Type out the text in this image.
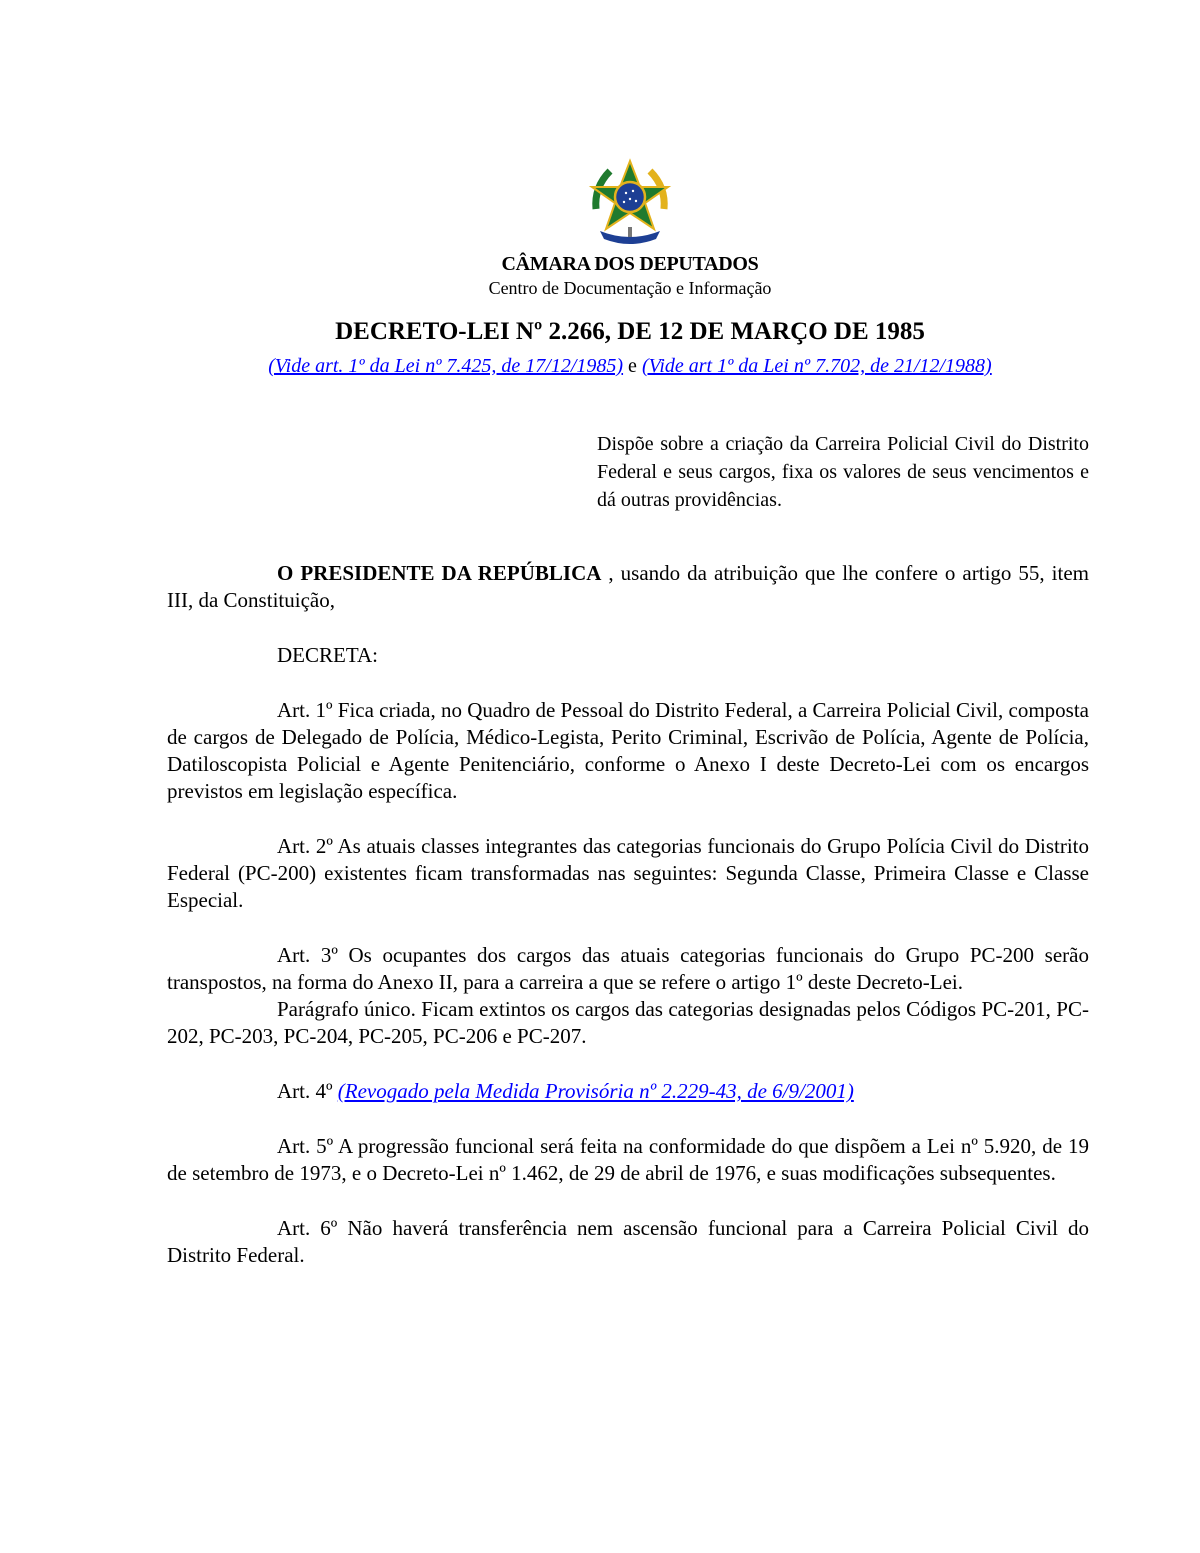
CÂMARA DOS DEPUTADOS
Centro de Documentação e Informação
DECRETO-LEI Nº 2.266, DE 12 DE MARÇO DE 1985
(Vide art. 1º da Lei nº 7.425, de 17/12/1985) e (Vide art 1º da Lei nº 7.702, de 21/12/1988)
Dispõe sobre a criação da Carreira Policial Civil do Distrito Federal e seus cargos, fixa os valores de seus vencimentos e dá outras providências.

O PRESIDENTE DA REPÚBLICA , usando da atribuição que lhe confere o artigo 55, item III, da Constituição,

DECRETA:

Art. 1º Fica criada, no Quadro de Pessoal do Distrito Federal, a Carreira Policial Civil, composta de cargos de Delegado de Polícia, Médico-Legista, Perito Criminal, Escrivão de Polícia, Agente de Polícia, Datiloscopista Policial e Agente Penitenciário, conforme o Anexo I deste Decreto-Lei com os encargos previstos em legislação específica.

Art. 2º As atuais classes integrantes das categorias funcionais do Grupo Polícia Civil do Distrito Federal (PC-200) existentes ficam transformadas nas seguintes: Segunda Classe, Primeira Classe e Classe Especial.

Art. 3º Os ocupantes dos cargos das atuais categorias funcionais do Grupo PC-200 serão transpostos, na forma do Anexo II, para a carreira a que se refere o artigo 1º deste Decreto-Lei.

Parágrafo único. Ficam extintos os cargos das categorias designadas pelos Códigos PC-201, PC-202, PC-203, PC-204, PC-205, PC-206 e PC-207.

Art. 4º (Revogado pela Medida Provisória nº 2.229-43, de 6/9/2001)

Art. 5º A progressão funcional será feita na conformidade do que dispõem a Lei nº 5.920, de 19 de setembro de 1973, e o Decreto-Lei nº 1.462, de 29 de abril de 1976, e suas modificações subsequentes.

Art. 6º Não haverá transferência nem ascensão funcional para a Carreira Policial Civil do Distrito Federal.
